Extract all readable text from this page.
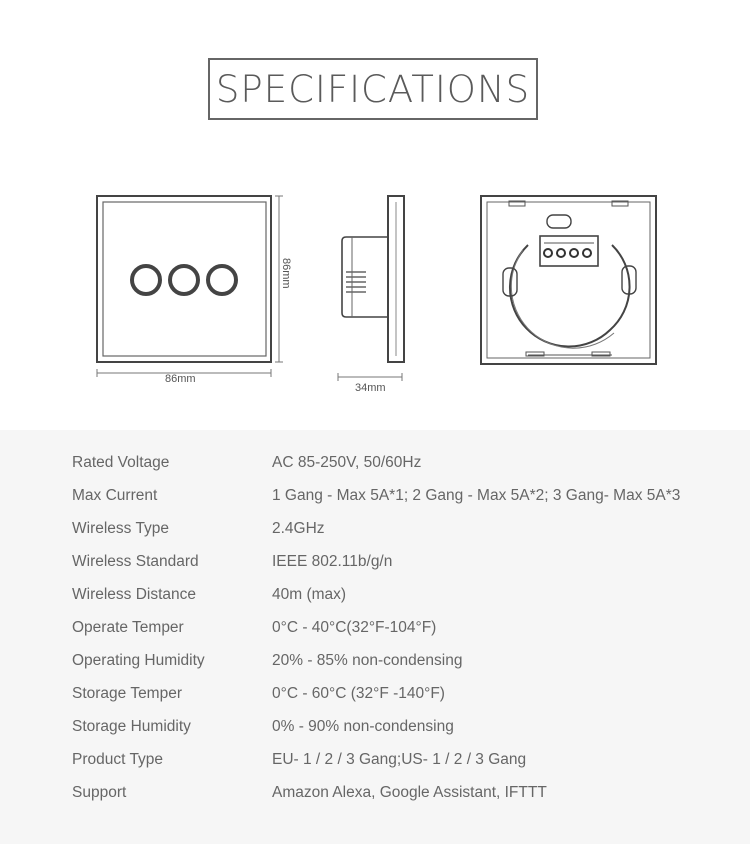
SPECIFICATIONS
86mm
86mm
34mm
Rated Voltage	AC 85-250V, 50/60Hz
Max Current	1 Gang - Max 5A*1; 2 Gang - Max 5A*2; 3 Gang- Max 5A*3
Wireless Type	2.4GHz
Wireless Standard	IEEE 802.11b/g/n
Wireless Distance	40m (max)
Operate Temper	0°C - 40°C(32°F-104°F)
Operating Humidity	20% - 85% non-condensing
Storage Temper	0°C - 60°C (32°F -140°F)
Storage Humidity	0% - 90% non-condensing
Product Type	EU- 1 / 2 / 3 Gang;US- 1 / 2 / 3 Gang
Support	Amazon Alexa, Google Assistant, IFTTT
